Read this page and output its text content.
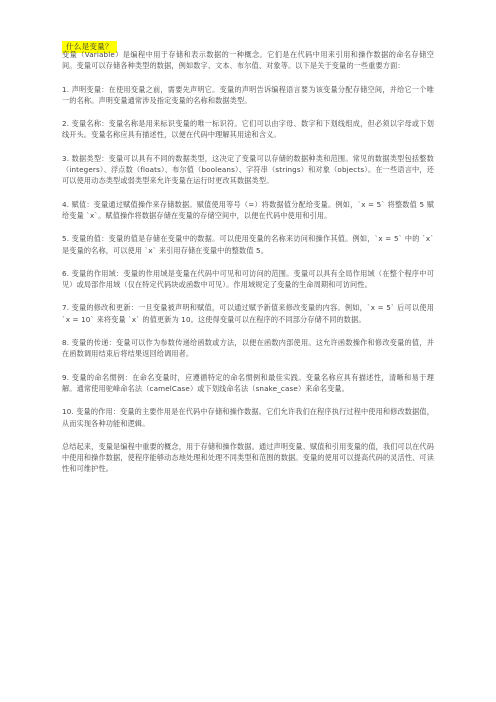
什么是变量？

变量（Variable）是编程中用于存储和表示数据的一种概念。它们是在代码中用来引用和操作数据的命名存储空间。变量可以存储各种类型的数据，例如数字、文本、布尔值、对象等。以下是关于变量的一些重要方面：

1. 声明变量：在使用变量之前，需要先声明它。变量的声明告诉编程语言要为该变量分配存储空间，并给它一个唯一的名称。声明变量通常涉及指定变量的名称和数据类型。

2. 变量名称：变量名称是用来标识变量的唯一标识符。它们可以由字母、数字和下划线组成，但必须以字母或下划线开头。变量名称应具有描述性，以便在代码中理解其用途和含义。

3. 数据类型：变量可以具有不同的数据类型，这决定了变量可以存储的数据种类和范围。常见的数据类型包括整数（integers）、浮点数（floats）、布尔值（booleans）、字符串（strings）和对象（objects）。在一些语言中，还可以使用动态类型或弱类型来允许变量在运行时更改其数据类型。

4. 赋值：变量通过赋值操作来存储数据。赋值使用等号（=）将数据值分配给变量。例如，`x = 5` 将整数值 5 赋给变量 `x`。赋值操作将数据存储在变量的存储空间中，以便在代码中使用和引用。

5. 变量的值：变量的值是存储在变量中的数据。可以使用变量的名称来访问和操作其值。例如，`x = 5` 中的 `x` 是变量的名称，可以使用 `x` 来引用存储在变量中的整数值 5。

6. 变量的作用域：变量的作用域是变量在代码中可见和可访问的范围。变量可以具有全局作用域（在整个程序中可见）或局部作用域（仅在特定代码块或函数中可见）。作用域规定了变量的生命周期和可访问性。

7. 变量的修改和更新：一旦变量被声明和赋值，可以通过赋予新值来修改变量的内容。例如，`x = 5` 后可以使用 `x = 10` 来将变量 `x` 的值更新为 10。这使得变量可以在程序的不同部分存储不同的数据。

8. 变量的传递：变量可以作为参数传递给函数或方法，以便在函数内部使用。这允许函数操作和修改变量的值，并在函数调用结束后将结果返回给调用者。

9. 变量的命名惯例：在命名变量时，应遵循特定的命名惯例和最佳实践。变量名称应具有描述性，清晰和易于理解。通常使用驼峰命名法（camelCase）或下划线命名法（snake_case）来命名变量。

10. 变量的作用：变量的主要作用是在代码中存储和操作数据。它们允许我们在程序执行过程中使用和修改数据值，从而实现各种功能和逻辑。

总结起来，变量是编程中重要的概念，用于存储和操作数据。通过声明变量、赋值和引用变量的值，我们可以在代码中使用和操作数据，使程序能够动态地处理和处理不同类型和范围的数据。变量的使用可以提高代码的灵活性、可读性和可维护性。
